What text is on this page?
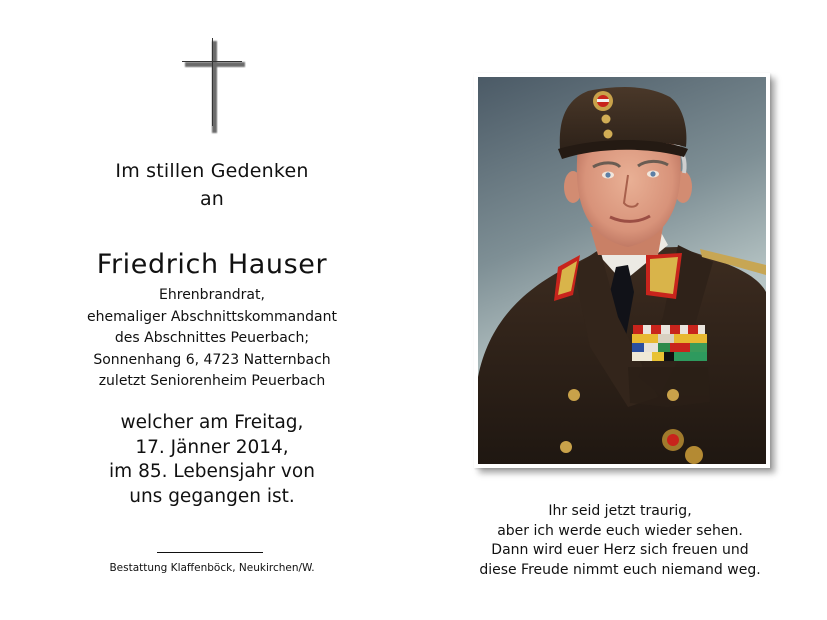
Im stillen Gedenken
an
Friedrich Hauser
Ehrenbrandrat,
ehemaliger Abschnittskommandant
des Abschnittes Peuerbach;
Sonnenhang 6, 4723 Natternbach
zuletzt Seniorenheim Peuerbach
welcher am Freitag,
17. Jänner 2014,
im 85. Lebensjahr von
uns gegangen ist.
Bestattung Klaffenböck, Neukirchen/W.
Ihr seid jetzt traurig,
aber ich werde euch wieder sehen.
Dann wird euer Herz sich freuen und
diese Freude nimmt euch niemand weg.
